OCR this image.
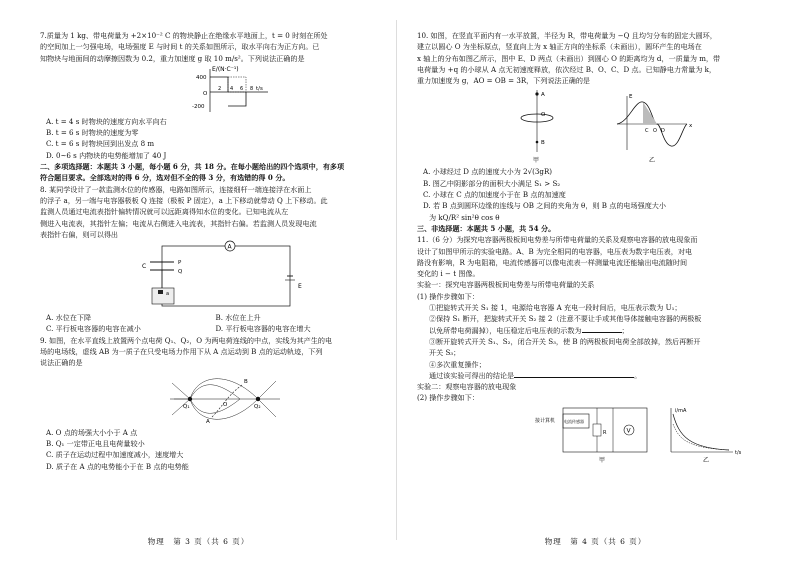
7.质量为 1 kg、带电荷量为 +2×10⁻² C 的物块静止在绝缘水平地面上，t = 0 时刻在所处

的空间加上一匀强电场，电场强度 E 与时间 t 的关系如图所示，取水平向右为正方向。已

知物块与地面间的动摩擦因数为 0.2，重力加速度 g 取 10 m/s²。下列说法正确的是

E/(N·C⁻¹)
400
O
-200
2 4 6 8 t/s

A. t = 4 s 时物块的速度方向水平向右

B. t = 6 s 时物块的速度为零

C. t = 6 s 时物块回到出发点 8 m

D. 0~6 s 内物块的电势能增加了 40 J

二、多项选择题：本题共 3 小题，每小题 6 分，共 18 分。在每小题给出的四个选项中，有多项

符合题目要求。全部选对的得 6 分，选对但不全的得 3 分，有选错的得 0 分。

8. 某同学设计了一款监测水位的传感器，电路如图所示，连接细杆一端连接浮在水面上

的浮子 a，另一端与电容器极板 Q 连接（极板 P 固定），a 上下移动就带动 Q 上下移动。此

监测人员通过电流表指针偏转情况就可以远距离得知水位的变化。已知电流从左

侧进入电流表，其指针左偏；电流从右侧进入电流表，其指针右偏。若监测人员发现电流

表指针右偏，则可以得出

A
C	P
Q
a
E
A. 水位在下降	B. 水位在上升
C. 平行板电容器的电容在减小	D. 平行板电容器的电容在增大

9. 如图，在水平直线上放置两个点电荷 Q₁、Q₂，O 为两电荷连线的中点，实线为其产生的电

场的电场线，虚线 AB 为一质子在只受电场力作用下从 A 点运动到 B 点的运动轨迹，下列

说法正确的是

Q₁	Q₂
O
A
B

A. O 点的场强大小小于 A 点

B. Q₁ 一定带正电且电荷量较小

C. 质子在运动过程中加速度减小，速度增大

D. 质子在 A 点的电势能小于在 B 点的电势能

物理　第 3 页（共 6 页）

10. 如图，在竖直平面内有一水平放置，半径为 R，带电荷量为 −Q 且均匀分布的固定大圆环，

建立以圆心 O 为坐标原点，竖直向上为 x 轴正方向的坐标系（未画出），圆环产生的电场在

x 轴上的分布如图乙所示，图中 E、D 两点（未画出）到圆心 O 的距离均为 d，一质量为 m，带

电荷量为 +q 的小球从 A 点无初速度释放，依次经过 B、O、C、D 点。已知静电力常量为 k，

重力加速度为 g，AO = OB = 3R，下列说法正确的是

A
O
B
甲
E
C O D
x
乙

A. 小球经过 D 点的速度大小为 2√(3gR)

B. 图乙中阴影部分的面积大小满足 S₁ > S₂

C. 小球在 C 点的加速度小于在 B 点的加速度

D. 若 B 点到圆环边缘的连线与 OB 之间的夹角为 θ，则 B 点的电场强度大小

为 kQ/R² sin²θ cos θ

三、非选择题：本题共 5 小题，共 54 分。

11.（6 分）为探究电容器两极板间电势差与所带电荷量的关系及观察电容器的放电现象而

设计了如图甲所示的实验电路。A、B 为完全相同的电容器，电压表为数字电压表，对电

路没有影响，R 为电阻箱，电流传感器可以像电流表一样测量电流还能输出电流随时间

变化的 i − t 图像。

实验一：探究电容器两极板间电势差与所带电荷量的关系

(1) 操作步骤如下：

①把旋转式开关 S₁ 接 1，电源给电容器 A 充电一段时间后，电压表示数为 U₁；

②保持 S₁ 断开，把旋转式开关 S₂ 接 2（注意不要让手或其他导体接触电容器的两极板

以免所带电荷漏掉），电压稳定后电压表的示数为	；

③断开旋转式开关 S₁、S₂，闭合开关 S₃，使 B 的两极板间电荷全部放掉，然后再断开

开关 S₃；

④多次重复操作；

通过该实验可得出的结论是	。

实验二：观察电容器的放电现象

(2) 操作步骤如下：

接计算机 电流传感器
R	V
甲
i/mA
t/s
乙
物理　第 4 页（共 6 页）
